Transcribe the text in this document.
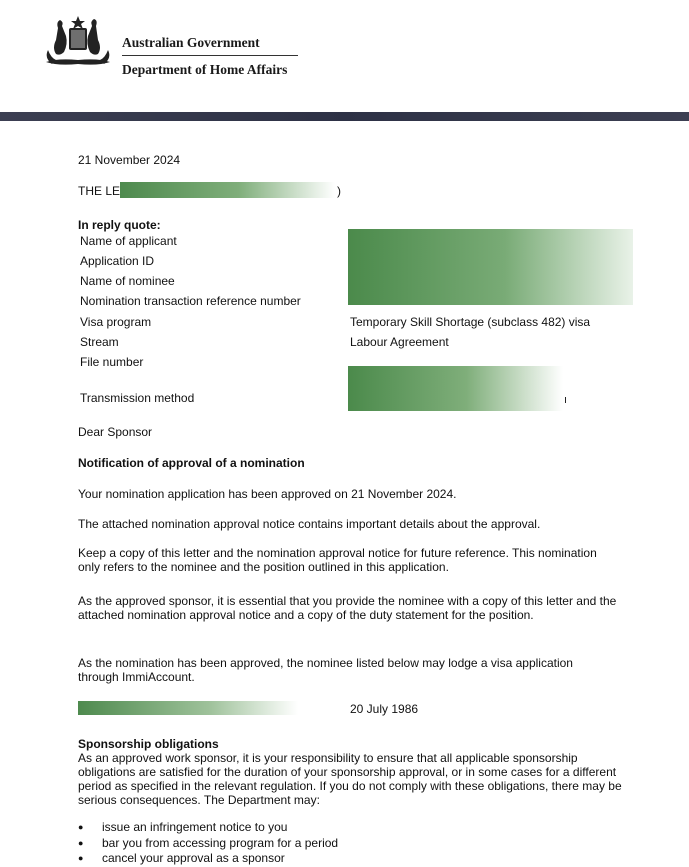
Australian Government
Department of Home Affairs
21 November 2024
THE LE	)
In reply quote:
Name of applicant
Application ID
Name of nominee
Nomination transaction reference number
Visa program
Stream
File number
Transmission method
Temporary Skill Shortage (subclass 482) visa
Labour Agreement
Dear Sponsor
Notification of approval of a nomination
Your nomination application has been approved on 21 November 2024.
The attached nomination approval notice contains important details about the approval.
Keep a copy of this letter and the nomination approval notice for future reference. This nomination only refers to the nominee and the position outlined in this application.
As the approved sponsor, it is essential that you provide the nominee with a copy of this letter and the attached nomination approval notice and a copy of the duty statement for the position.
As the nomination has been approved, the nominee listed below may lodge a visa application through ImmiAccount.
20 July 1986
Sponsorship obligations
As an approved work sponsor, it is your responsibility to ensure that all applicable sponsorship obligations are satisfied for the duration of your sponsorship approval, or in some cases for a different period as specified in the relevant regulation. If you do not comply with these obligations, there may be serious consequences. The Department may:
● issue an infringement notice to you
● bar you from accessing program for a period
● cancel your approval as a sponsor
